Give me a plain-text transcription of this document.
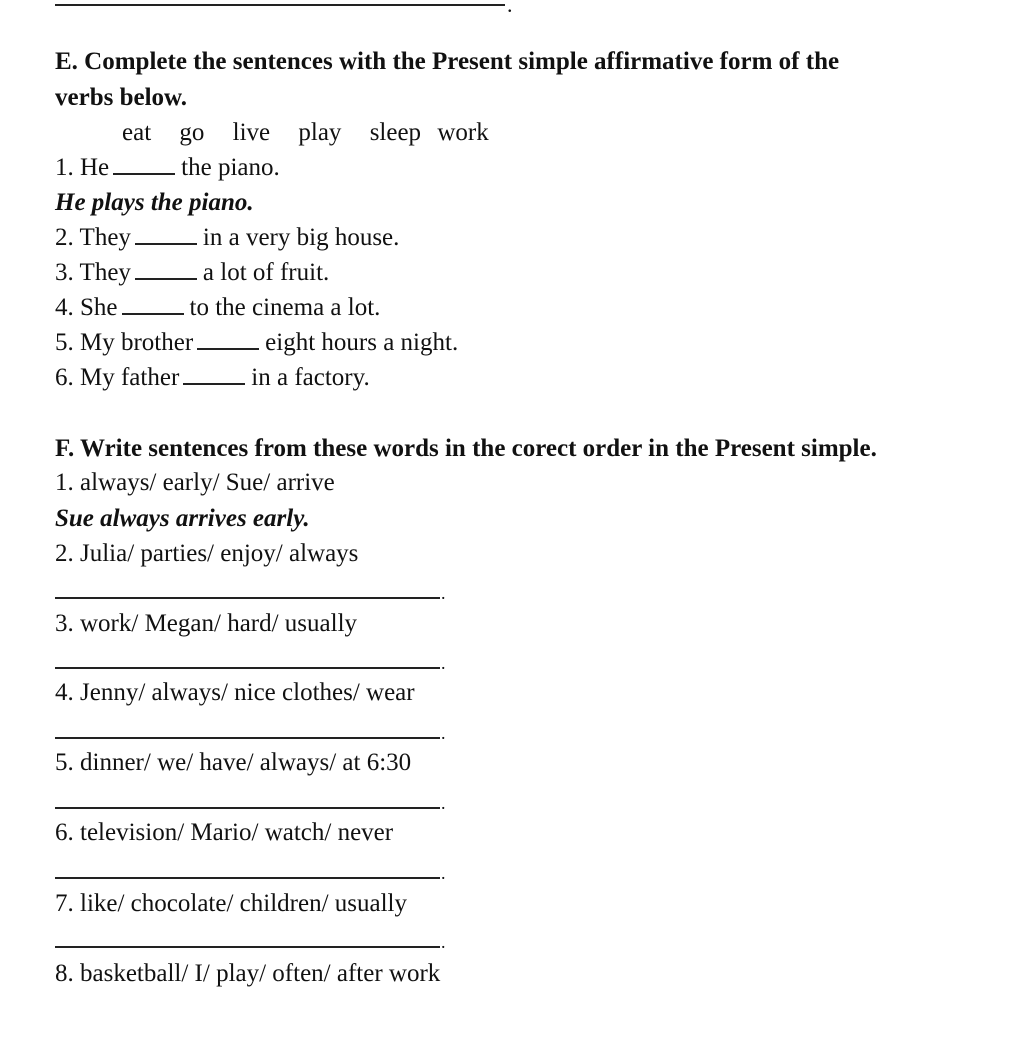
.
E. Complete the sentences with the Present simple affirmative form of the
verbs below.
eat go live play sleep work
1. He	the piano.
He plays the piano.
2. They	in a very big house.
3. They	a lot of fruit.
4. She	to the cinema a lot.
5. My brother	eight hours a night.
6. My father	in a factory.
F. Write sentences from these words in the corect order in the Present simple.
1. always/ early/ Sue/ arrive
Sue always arrives early.
2. Julia/ parties/ enjoy/ always
.
3. work/ Megan/ hard/ usually
.
4. Jenny/ always/ nice clothes/ wear
.
5. dinner/ we/ have/ always/ at 6:30
.
6. television/ Mario/ watch/ never
.
7. like/ chocolate/ children/ usually
.
8. basketball/ I/ play/ often/ after work
